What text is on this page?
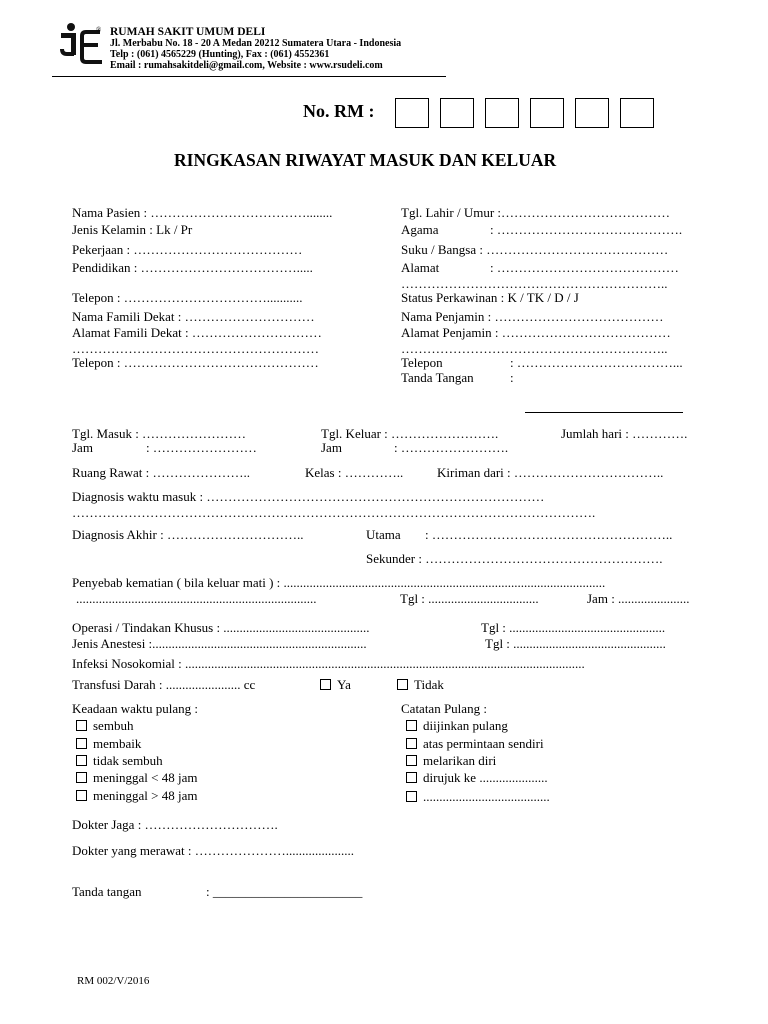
® RUMAH SAKIT UMUM DELI
Jl. Merbabu No. 18 - 20 A Medan 20212 Sumatera Utara - Indonesia
Telp : (061) 4565229 (Hunting), Fax : (061) 4552361
Email : rumahsakitdeli@gmail.com, Website : www.rsudeli.com
No. RM :
RINGKASAN RIWAYAT MASUK DAN KELUAR
Nama Pasien : ………………………………........
Jenis Kelamin : Lk / Pr
Pekerjaan : …………………………………
Pendidikan : ……………………………….....
Telepon : ……………………………...........
Nama Famili Dekat : …………………………
Alamat Famili Dekat : …………………………
…………………………………………………
Telepon : ………………………………………
Tgl. Lahir / Umur :…………………………………
Agama	: …………………………………….
Suku / Bangsa : ……………………………………
Alamat	: ……………………………………
……………………………………………………..
Status Perkawinan : K / TK / D / J
Nama Penjamin : …………………………………
Alamat Penjamin : …………………………………
……………………………………………………..
Telepon	: ………………………………...
Tanda Tangan	:
Tgl. Masuk : ……………………
Jam	: ……………………
Tgl. Keluar : …………………….
Jam	: …………………….
Jumlah hari : ………….
Ruang Rawat : …………………..	Kelas : …………..	Kiriman dari : ……………………………..
Diagnosis waktu masuk : ……………………………………………………………………
………………………………………………………………………………………………………….
Diagnosis Akhir : …………………………..	Utama : ………………………………………………..
Sekunder : ……………………………………………….
Penyebab kematian ( bila keluar mati ) : ...................................................................................................
..........................................................................	Tgl : ..................................	Jam : ......................
Operasi / Tindakan Khusus : .............................................	Tgl : ................................................
Jenis Anestesi :..................................................................	Tgl : ...............................................
Infeksi Nosokomial : ...........................................................................................................................
Transfusi Darah : ....................... cc	Ya	Tidak
Keadaan waktu pulang :
sembuh
membaik
tidak sembuh
meninggal < 48 jam
meninggal > 48 jam
Catatan Pulang :
diijinkan pulang
atas permintaan sendiri
melarikan diri
dirujuk ke .....................
.......................................
Dokter Jaga : ………………………….
Dokter yang merawat : ………………….....................
Tanda tangan	: _______________________
RM 002/V/2016
